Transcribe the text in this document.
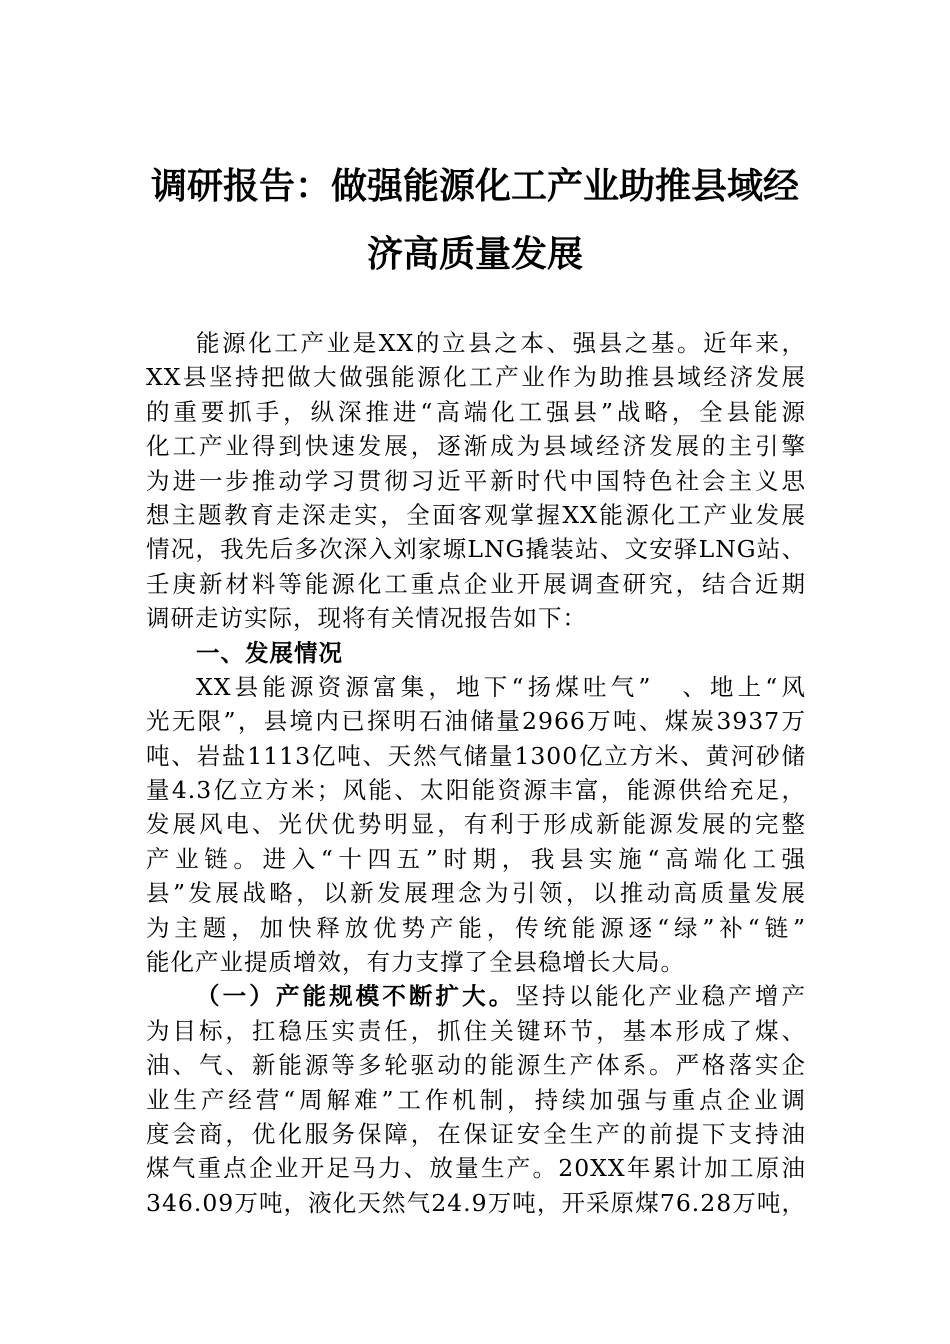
调研报告：做强能源化工产业助推县域经
济高质量发展
能源化工产业是XX的立县之本、强县之基。近年来，
XX县坚持把做大做强能源化工产业作为助推县域经济发展
的重要抓手，纵深推进“高端化工强县”战略，全县能源
化工产业得到快速发展，逐渐成为县域经济发展的主引擎
为进一步推动学习贯彻习近平新时代中国特色社会主义思
想主题教育走深走实，全面客观掌握XX能源化工产业发展
情况，我先后多次深入刘家塬LNG撬装站、文安驿LNG站、
壬庚新材料等能源化工重点企业开展调查研究，结合近期
调研走访实际，现将有关情况报告如下：
一、发展情况
XX县能源资源富集，地下“扬煤吐气”　、地上“风
光无限”，县境内已探明石油储量2966万吨、煤炭3937万
吨、岩盐1113亿吨、天然气储量1300亿立方米、黄河砂储
量4.3亿立方米；风能、太阳能资源丰富，能源供给充足，
发展风电、光伏优势明显，有利于形成新能源发展的完整
产业链。进入“十四五”时期，我县实施“高端化工强
县”发展战略，以新发展理念为引领，以推动高质量发展
为主题，加快释放优势产能，传统能源逐“绿”补“链”
能化产业提质增效，有力支撑了全县稳增长大局。
（一）产能规模不断扩大。坚持以能化产业稳产增产
为目标，扛稳压实责任，抓住关键环节，基本形成了煤、
油、气、新能源等多轮驱动的能源生产体系。严格落实企
业生产经营“周解难”工作机制，持续加强与重点企业调
度会商，优化服务保障，在保证安全生产的前提下支持油
煤气重点企业开足马力、放量生产。20XX年累计加工原油
346.09万吨，液化天然气24.9万吨，开采原煤76.28万吨，
